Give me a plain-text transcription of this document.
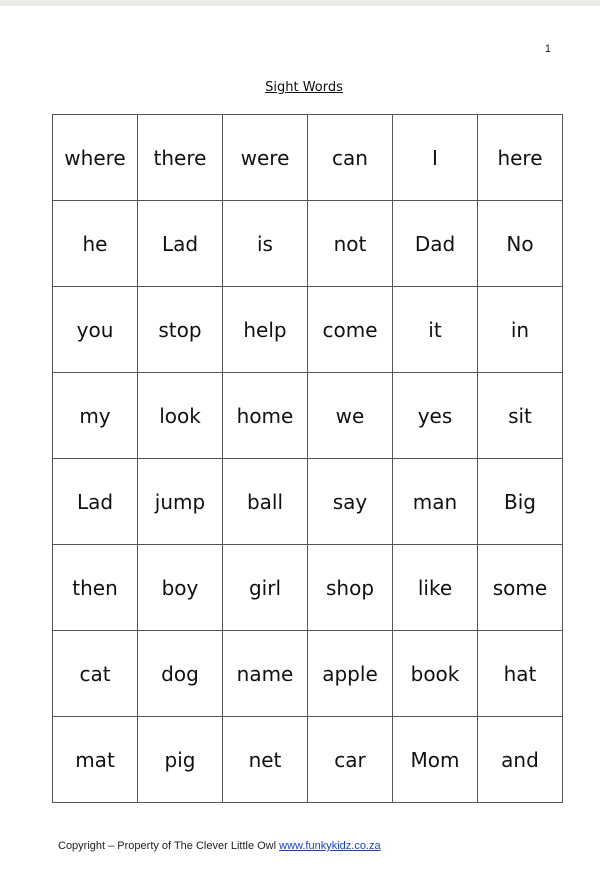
1
Sight Words
where	there	were	can	I	here
he	Lad	is	not	Dad	No
you	stop	help	come	it	in
my	look	home	we	yes	sit
Lad	jump	ball	say	man	Big
then	boy	girl	shop	like	some
cat	dog	name	apple	book	hat
mat	pig	net	car	Mom	and
Copyright – Property of The Clever Little Owl www.funkykidz.co.za
